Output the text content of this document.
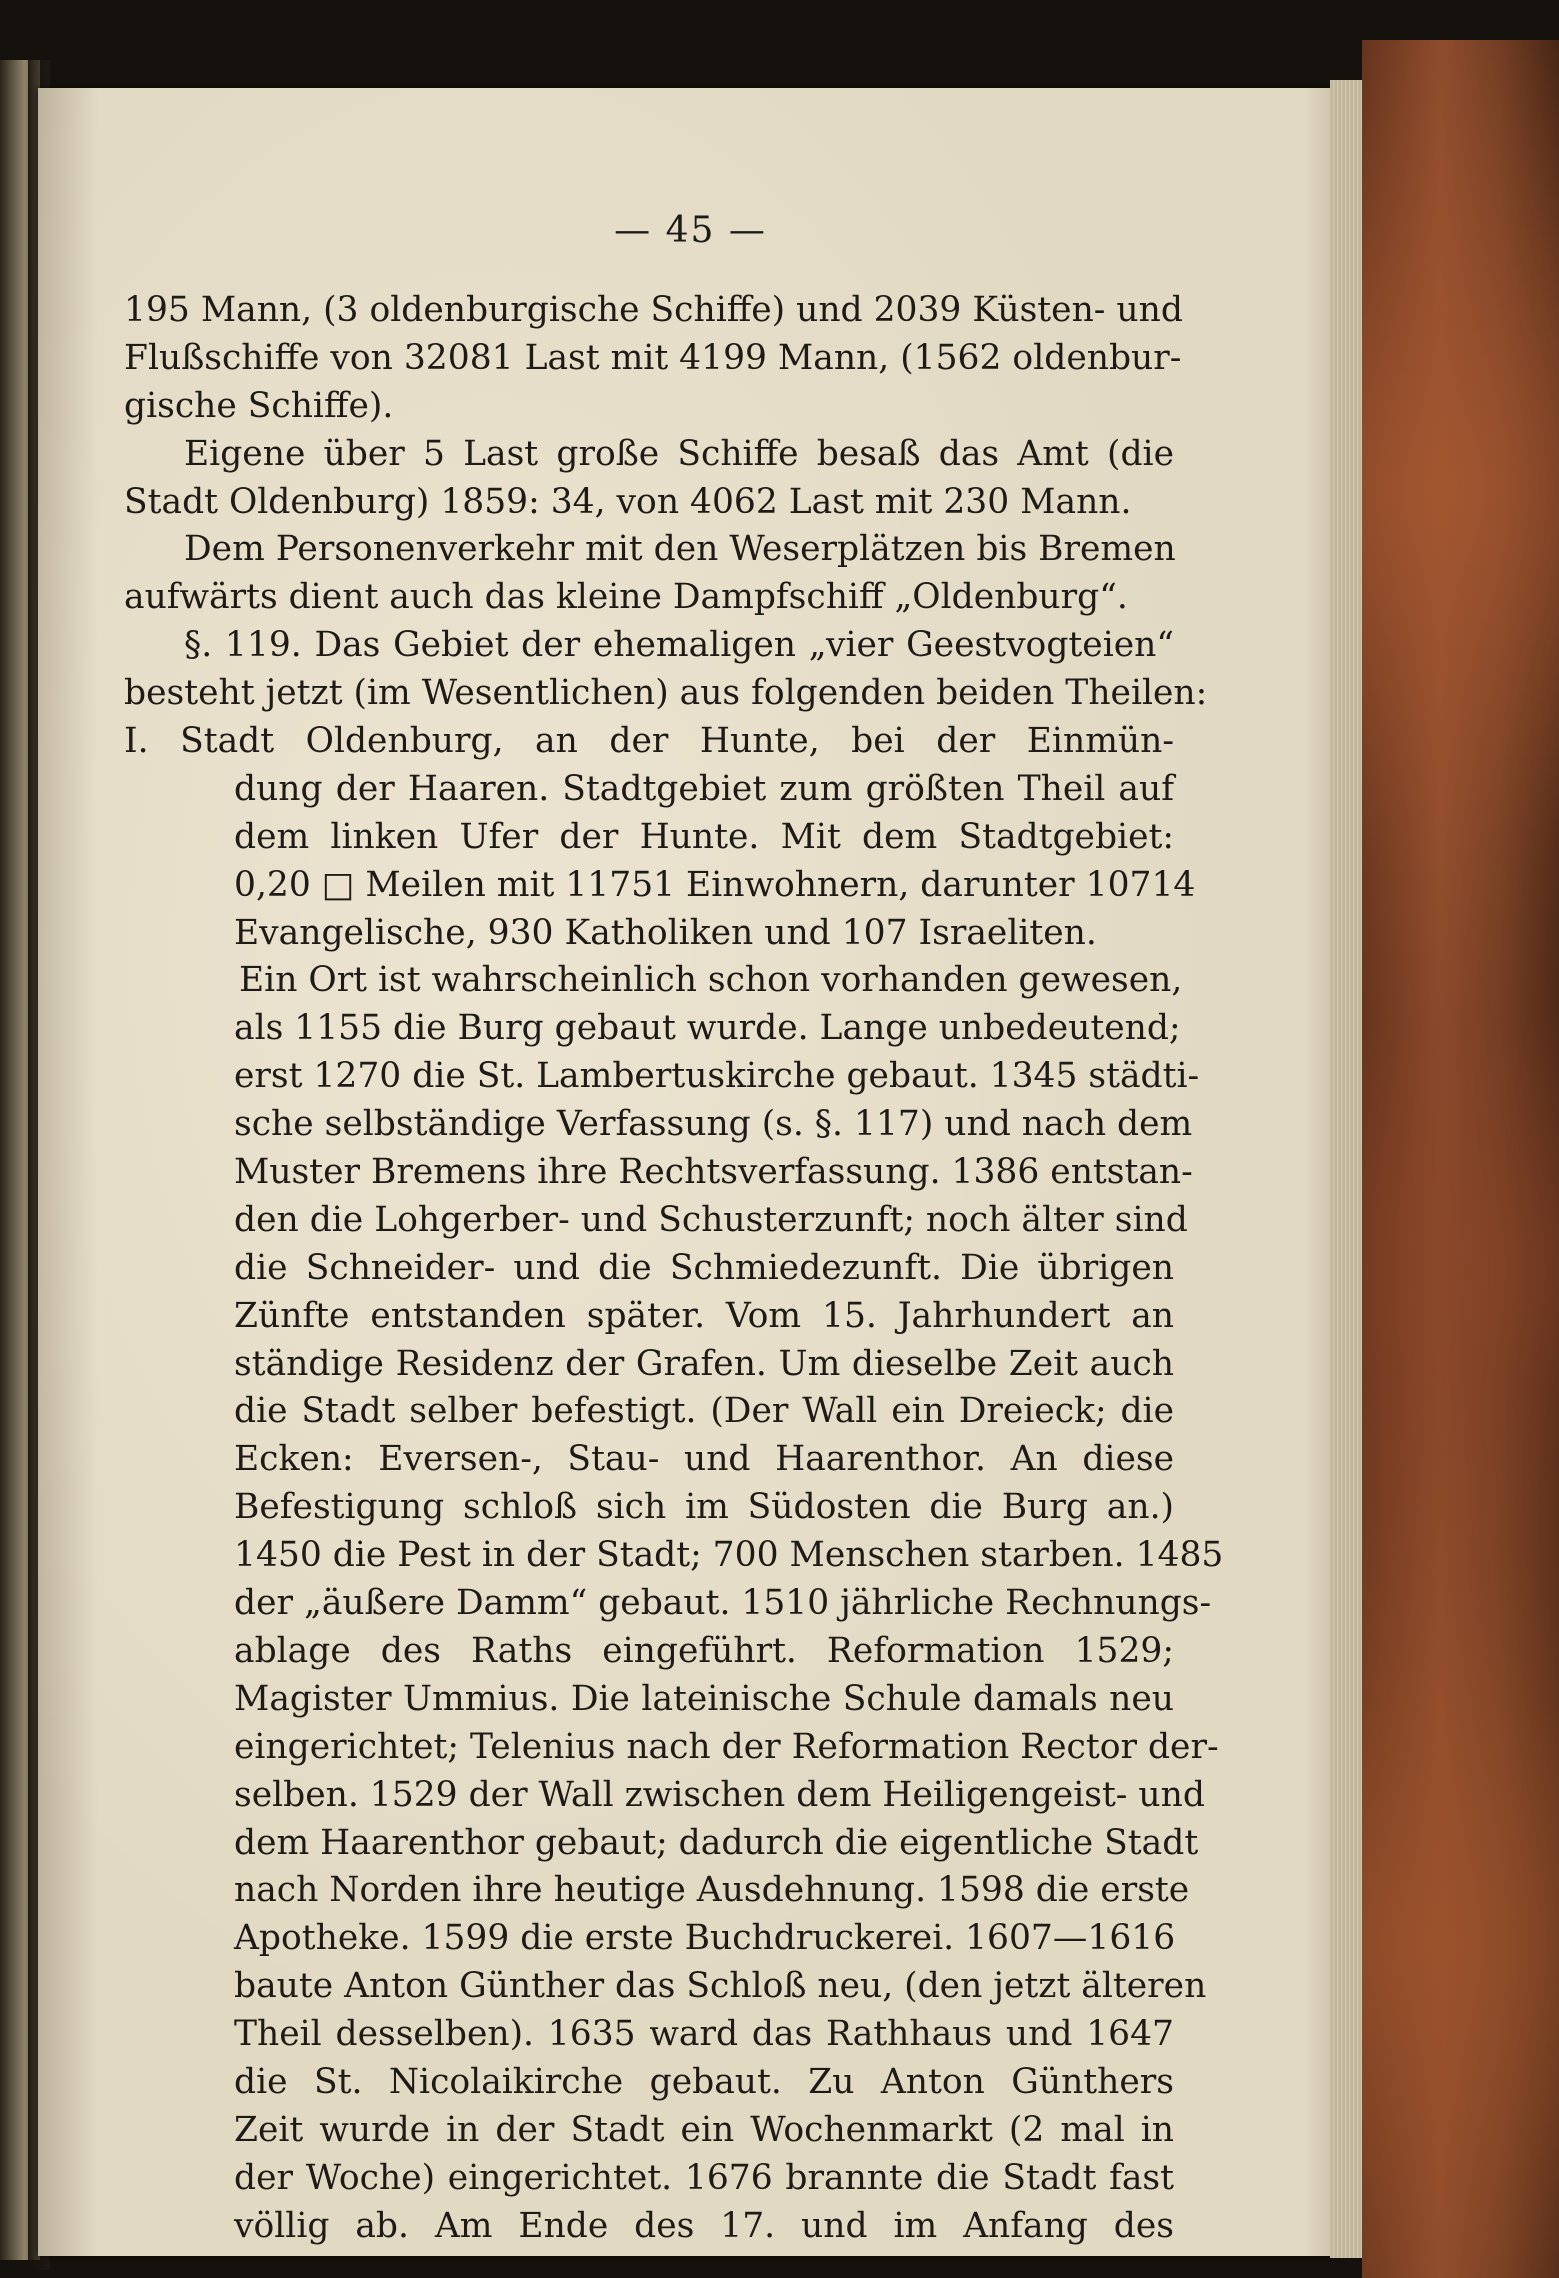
— 45 —
195 Mann, (3 oldenburgische Schiffe) und 2039 Küsten- und
Flußschiffe von 32081 Last mit 4199 Mann, (1562 oldenbur-
gische Schiffe).
Eigene über 5 Last große Schiffe besaß das Amt (die
Stadt Oldenburg) 1859: 34, von 4062 Last mit 230 Mann.
Dem Personenverkehr mit den Weserplätzen bis Bremen
aufwärts dient auch das kleine Dampfschiff „Oldenburg“.
§. 119. Das Gebiet der ehemaligen „vier Geestvogteien“
besteht jetzt (im Wesentlichen) aus folgenden beiden Theilen:
I. Stadt Oldenburg, an der Hunte, bei der Einmün-
dung der Haaren. Stadtgebiet zum größten Theil auf
dem linken Ufer der Hunte. Mit dem Stadtgebiet:
0,20 □ Meilen mit 11751 Einwohnern, darunter 10714
Evangelische, 930 Katholiken und 107 Israeliten.
Ein Ort ist wahrscheinlich schon vorhanden gewesen,
als 1155 die Burg gebaut wurde. Lange unbedeutend;
erst 1270 die St. Lambertuskirche gebaut. 1345 städti-
sche selbständige Verfassung (s. §. 117) und nach dem
Muster Bremens ihre Rechtsverfassung. 1386 entstan-
den die Lohgerber- und Schusterzunft; noch älter sind
die Schneider- und die Schmiedezunft. Die übrigen
Zünfte entstanden später. Vom 15. Jahrhundert an
ständige Residenz der Grafen. Um dieselbe Zeit auch
die Stadt selber befestigt. (Der Wall ein Dreieck; die
Ecken: Eversen-, Stau- und Haarenthor. An diese
Befestigung schloß sich im Südosten die Burg an.)
1450 die Pest in der Stadt; 700 Menschen starben. 1485
der „äußere Damm“ gebaut. 1510 jährliche Rechnungs-
ablage des Raths eingeführt. Reformation 1529;
Magister Ummius. Die lateinische Schule damals neu
eingerichtet; Telenius nach der Reformation Rector der-
selben. 1529 der Wall zwischen dem Heiligengeist- und
dem Haarenthor gebaut; dadurch die eigentliche Stadt
nach Norden ihre heutige Ausdehnung. 1598 die erste
Apotheke. 1599 die erste Buchdruckerei. 1607—1616
baute Anton Günther das Schloß neu, (den jetzt älteren
Theil desselben). 1635 ward das Rathhaus und 1647
die St. Nicolaikirche gebaut. Zu Anton Günthers
Zeit wurde in der Stadt ein Wochenmarkt (2 mal in
der Woche) eingerichtet. 1676 brannte die Stadt fast
völlig ab. Am Ende des 17. und im Anfang des
